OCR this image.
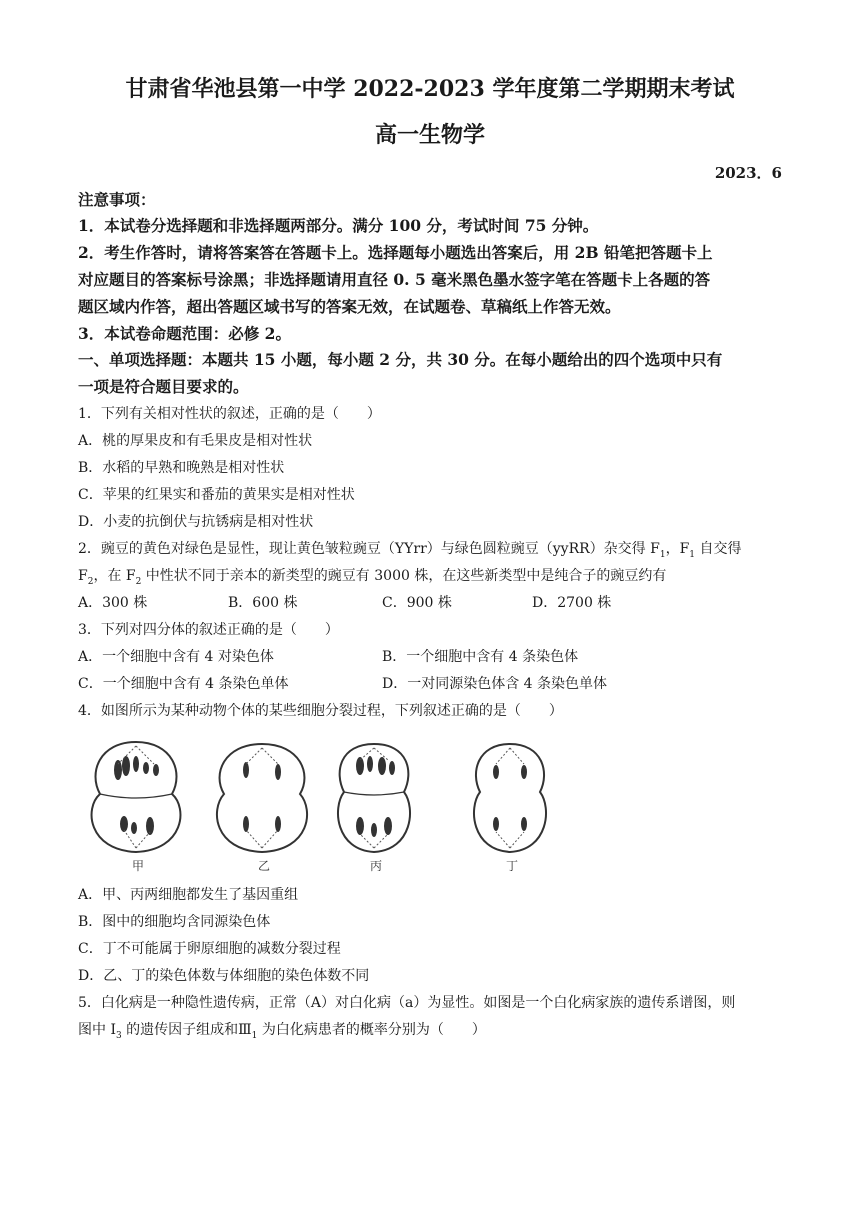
甘肃省华池县第一中学 2022-2023 学年度第二学期期末考试
高一生物学
2023．6
注意事项：
1．本试卷分选择题和非选择题两部分。满分 100 分，考试时间 75 分钟。
2．考生作答时，请将答案答在答题卡上。选择题每小题选出答案后，用 2B 铅笔把答题卡上
对应题目的答案标号涂黑；非选择题请用直径 0. 5 毫米黑色墨水签字笔在答题卡上各题的答
题区域内作答，超出答题区域书写的答案无效，在试题卷、草稿纸上作答无效。
3．本试卷命题范围：必修 2。
一、单项选择题：本题共 15 小题，每小题 2 分，共 30 分。在每小题给出的四个选项中只有
一项是符合题目要求的。
1．下列有关相对性状的叙述，正确的是（　　）
A．桃的厚果皮和有毛果皮是相对性状
B．水稻的早熟和晚熟是相对性状
C．苹果的红果实和番茄的黄果实是相对性状
D．小麦的抗倒伏与抗锈病是相对性状
2．豌豆的黄色对绿色是显性，现让黄色皱粒豌豆（YYrr）与绿色圆粒豌豆（yyRR）杂交得 $F_1$，$F_1$ 自交得
$F_2$，在 $F_2$ 中性状不同于亲本的新类型的豌豆有 3000 株，在这些新类型中是纯合子的豌豆约有
A．300 株	B．600 株	C．900 株	D．2700 株
3．下列对四分体的叙述正确的是（　　）
A．一个细胞中含有 4 对染色体	B．一个细胞中含有 4 条染色体
C．一个细胞中含有 4 条染色单体	D．一对同源染色体含 4 条染色单体
4．如图所示为某种动物个体的某些细胞分裂过程，下列叙述正确的是（　　）
甲	乙	丙	丁
A．甲、丙两细胞都发生了基因重组
B．图中的细胞均含同源染色体
C．丁不可能属于卵原细胞的减数分裂过程
D．乙、丁的染色体数与体细胞的染色体数不同
5．白化病是一种隐性遗传病，正常（A）对白化病（a）为显性。如图是一个白化病家族的遗传系谱图，则
图中 $I_3$ 的遗传因子组成和$Ⅲ_1$ 为白化病患者的概率分别为（　　）
